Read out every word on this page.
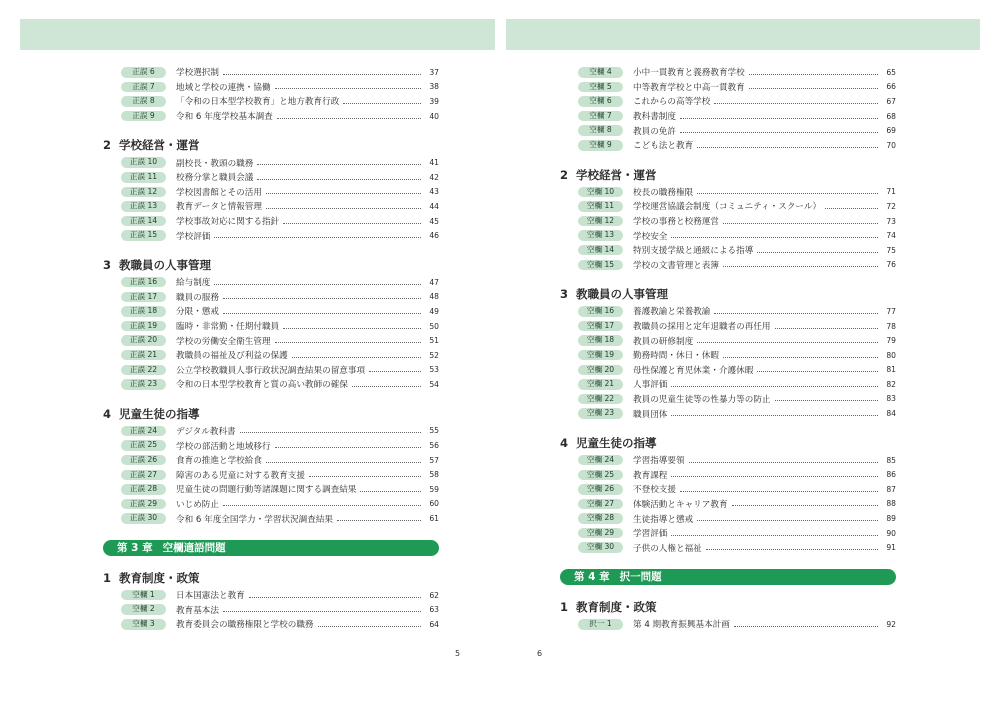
正誤 6	学校選択制	37
正誤 7	地域と学校の連携・協働	38
正誤 8	「令和の日本型学校教育」と地方教育行政	39
正誤 9	令和 6 年度学校基本調査	40
2 学校経営・運営
正誤 10	副校長・教頭の職務	41
正誤 11	校務分掌と職員会議	42
正誤 12	学校図書館とその活用	43
正誤 13	教育データと情報管理	44
正誤 14	学校事故対応に関する指針	45
正誤 15	学校評価	46
3 教職員の人事管理
正誤 16	給与制度	47
正誤 17	職員の服務	48
正誤 18	分限・懲戒	49
正誤 19	臨時・非常勤・任期付職員	50
正誤 20	学校の労働安全衛生管理	51
正誤 21	教職員の福祉及び利益の保護	52
正誤 22	公立学校教職員人事行政状況調査結果の留意事項	53
正誤 23	令和の日本型学校教育と質の高い教師の確保	54
4 児童生徒の指導
正誤 24	デジタル教科書	55
正誤 25	学校の部活動と地域移行	56
正誤 26	食育の推進と学校給食	57
正誤 27	障害のある児童に対する教育支援	58
正誤 28	児童生徒の問題行動等諸課題に関する調査結果	59
正誤 29	いじめ防止	60
正誤 30	令和 6 年度全国学力・学習状況調査結果	61
第 3 章 空欄適語問題
1 教育制度・政策
空欄 1	日本国憲法と教育	62
空欄 2	教育基本法	63
空欄 3	教育委員会の職務権限と学校の職務	64
空欄 4	小中一貫教育と義務教育学校	65
空欄 5	中等教育学校と中高一貫教育	66
空欄 6	これからの高等学校	67
空欄 7	教科書制度	68
空欄 8	教員の免許	69
空欄 9	こども法と教育	70
2 学校経営・運営
空欄 10	校長の職務権限	71
空欄 11	学校運営協議会制度（コミュニティ・スクール）	72
空欄 12	学校の事務と校務運営	73
空欄 13	学校安全	74
空欄 14	特別支援学級と通級による指導	75
空欄 15	学校の文書管理と表簿	76
3 教職員の人事管理
空欄 16	養護教諭と栄養教諭	77
空欄 17	教職員の採用と定年退職者の再任用	78
空欄 18	教員の研修制度	79
空欄 19	勤務時間・休日・休暇	80
空欄 20	母性保護と育児休業・介護休暇	81
空欄 21	人事評価	82
空欄 22	教員の児童生徒等の性暴力等の防止	83
空欄 23	職員団体	84
4 児童生徒の指導
空欄 24	学習指導要領	85
空欄 25	教育課程	86
空欄 26	不登校支援	87
空欄 27	体験活動とキャリア教育	88
空欄 28	生徒指導と懲戒	89
空欄 29	学習評価	90
空欄 30	子供の人権と福祉	91
第 4 章 択一問題
1 教育制度・政策
択一 1	第 4 期教育振興基本計画	92
5	6
